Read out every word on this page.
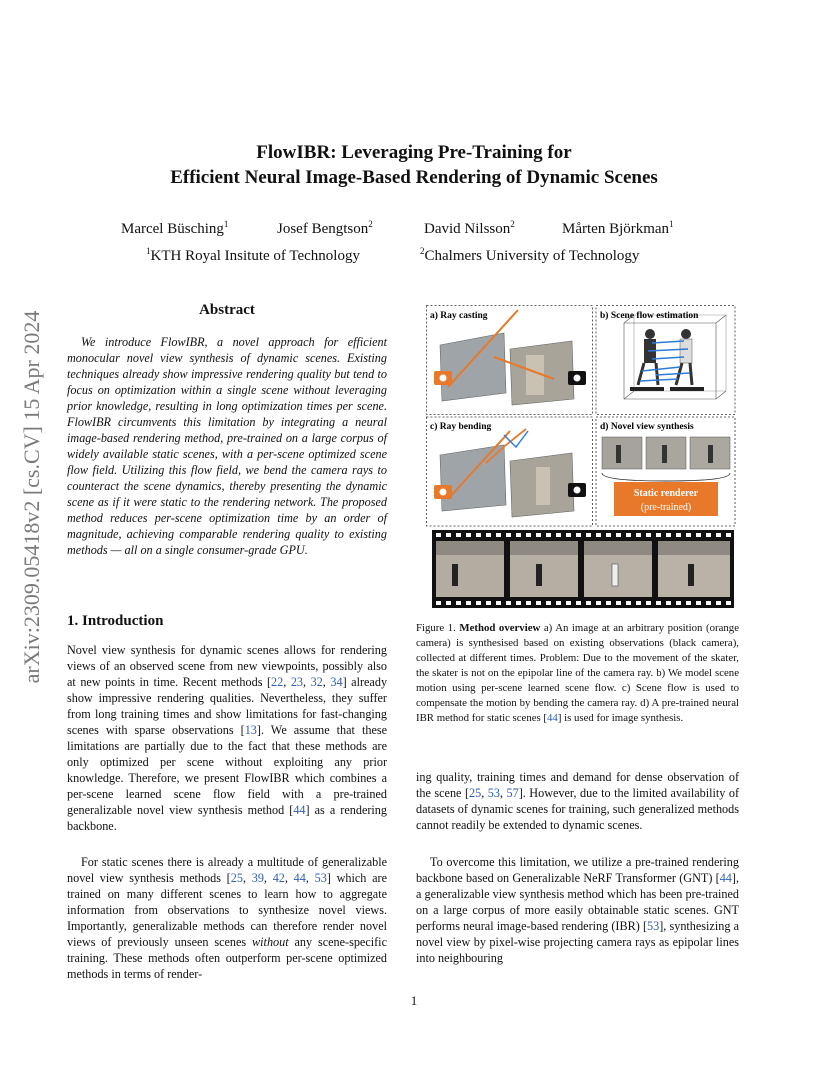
FlowIBR: Leveraging Pre-Training for
Efficient Neural Image-Based Rendering of Dynamic Scenes
Marcel Büsching$^1$	Josef Bengtson$^2$	David Nilsson$^2$	Mårten Björkman$^1$
$^1$KTH Royal Insitute of Technology	$^2$Chalmers University of Technology
arXiv:2309.05418v2 [cs.CV] 15 Apr 2024
Abstract
We introduce FlowIBR, a novel approach for efficient monocular novel view synthesis of dynamic scenes. Existing techniques already show impressive rendering quality but tend to focus on optimization within a single scene without leveraging prior knowledge, resulting in long optimization times per scene. FlowIBR circumvents this limitation by integrating a neural image-based rendering method, pre-trained on a large corpus of widely available static scenes, with a per-scene optimized scene flow field. Utilizing this flow field, we bend the camera rays to counteract the scene dynamics, thereby presenting the dynamic scene as if it were static to the rendering network. The proposed method reduces per-scene optimization time by an order of magnitude, achieving comparable rendering quality to existing methods — all on a single consumer-grade GPU.
1. Introduction
Novel view synthesis for dynamic scenes allows for rendering views of an observed scene from new viewpoints, possibly also at new points in time. Recent methods [22, 23, 32, 34] already show impressive rendering qualities. Nevertheless, they suffer from long training times and show limitations for fast-changing scenes with sparse observations [13]. We assume that these limitations are partially due to the fact that these methods are only optimized per scene without exploiting any prior knowledge. Therefore, we present FlowIBR which combines a per-scene learned scene flow field with a pre-trained generalizable novel view synthesis method [44] as a rendering backbone.
For static scenes there is already a multitude of generalizable novel view synthesis methods [25, 39, 42, 44, 53] which are trained on many different scenes to learn how to aggregate information from observations to synthesize novel views. Importantly, generalizable methods can therefore render novel views of previously unseen scenes without any scene-specific training. These methods often outperform per-scene optimized methods in terms of render-
Static renderer
(pre-trained)
a) Ray casting	b) Scene flow estimation
c) Ray bending	d) Novel view synthesis
Figure 1. Method overview a) An image at an arbitrary position (orange camera) is synthesised based on existing observations (black camera), collected at different times. Problem: Due to the movement of the skater, the skater is not on the epipolar line of the camera ray. b) We model scene motion using per-scene learned scene flow. c) Scene flow is used to compensate the motion by bending the camera ray. d) A pre-trained neural IBR method for static scenes [44] is used for image synthesis.
ing quality, training times and demand for dense observation of the scene [25, 53, 57]. However, due to the limited availability of datasets of dynamic scenes for training, such generalized methods cannot readily be extended to dynamic scenes.
To overcome this limitation, we utilize a pre-trained rendering backbone based on Generalizable NeRF Transformer (GNT) [44], a generalizable view synthesis method which has been pre-trained on a large corpus of more easily obtainable static scenes. GNT performs neural image-based rendering (IBR) [53], synthesizing a novel view by pixel-wise projecting camera rays as epipolar lines into neighbouring
1
